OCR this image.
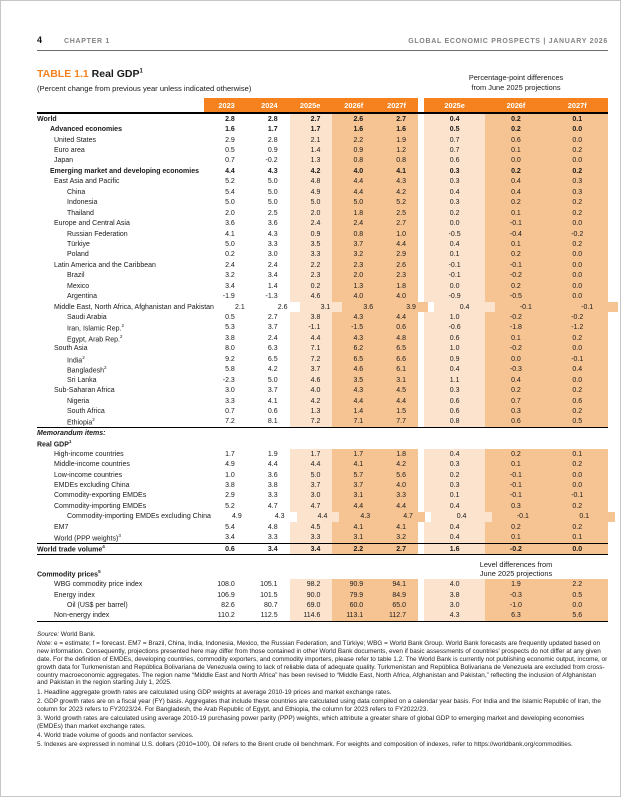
4	CHAPTER 1	GLOBAL ECONOMIC PROSPECTS | JANUARY 2026
TABLE 1.1 Real GDP$^1$
(Percent change from previous year unless indicated otherwise)
Percentage-point differences
from June 2025 projections
2023	2024	2025e	2026f	2027f	2025e	2026f	2027f
World	2.8	2.8	2.7	2.6	2.7	0.4	0.2	0.1
Advanced economies	1.6	1.7	1.7	1.6	1.6	0.5	0.2	0.0
United States	2.9	2.8	2.1	2.2	1.9	0.7	0.6	0.0
Euro area	0.5	0.9	1.4	0.9	1.2	0.7	0.1	0.2
Japan	0.7	-0.2	1.3	0.8	0.8	0.6	0.0	0.0
Emerging market and developing economies	4.4	4.3	4.2	4.0	4.1	0.3	0.2	0.2
East Asia and Pacific	5.2	5.0	4.8	4.4	4.3	0.3	0.4	0.3
China	5.4	5.0	4.9	4.4	4.2	0.4	0.4	0.3
Indonesia	5.0	5.0	5.0	5.0	5.2	0.3	0.2	0.2
Thailand	2.0	2.5	2.0	1.8	2.5	0.2	0.1	0.2
Europe and Central Asia	3.6	3.6	2.4	2.4	2.7	0.0	-0.1	0.0
Russian Federation	4.1	4.3	0.9	0.8	1.0	-0.5	-0.4	-0.2
Türkiye	5.0	3.3	3.5	3.7	4.4	0.4	0.1	0.2
Poland	0.2	3.0	3.3	3.2	2.9	0.1	0.2	0.0
Latin America and the Caribbean	2.4	2.4	2.2	2.3	2.6	-0.1	-0.1	0.0
Brazil	3.2	3.4	2.3	2.0	2.3	-0.1	-0.2	0.0
Mexico	3.4	1.4	0.2	1.3	1.8	0.0	0.2	0.0
Argentina	-1.9	-1.3	4.6	4.0	4.0	-0.9	-0.5	0.0
Middle East, North Africa, Afghanistan and Pakistan	2.1	2.6	3.1	3.6	3.9	0.4	-0.1	-0.1
Saudi Arabia	0.5	2.7	3.8	4.3	4.4	1.0	-0.2	-0.2
Iran, Islamic Rep.$^2$	5.3	3.7	-1.1	-1.5	0.6	-0.6	-1.8	-1.2
Egypt, Arab Rep.$^2$	3.8	2.4	4.4	4.3	4.8	0.6	0.1	0.2
South Asia	8.0	6.3	7.1	6.2	6.5	1.0	-0.2	0.0
India$^2$	9.2	6.5	7.2	6.5	6.6	0.9	0.0	-0.1
Bangladesh$^2$	5.8	4.2	3.7	4.6	6.1	0.4	-0.3	0.4
Sri Lanka	-2.3	5.0	4.6	3.5	3.1	1.1	0.4	0.0
Sub-Saharan Africa	3.0	3.7	4.0	4.3	4.5	0.3	0.2	0.2
Nigeria	3.3	4.1	4.2	4.4	4.4	0.6	0.7	0.6
South Africa	0.7	0.6	1.3	1.4	1.5	0.6	0.3	0.2
Ethiopia$^2$	7.2	8.1	7.2	7.1	7.7	0.8	0.6	0.5
Memorandum items:
Real GDP$^1$
High-income countries	1.7	1.9	1.7	1.7	1.8	0.4	0.2	0.1
Middle-income countries	4.9	4.4	4.4	4.1	4.2	0.3	0.1	0.2
Low-income countries	1.0	3.6	5.0	5.7	5.6	0.2	-0.1	0.0
EMDEs excluding China	3.8	3.8	3.7	3.7	4.0	0.3	-0.1	0.0
Commodity-exporting EMDEs	2.9	3.3	3.0	3.1	3.3	0.1	-0.1	-0.1
Commodity-importing EMDEs	5.2	4.7	4.7	4.4	4.4	0.4	0.3	0.2
Commodity-importing EMDEs excluding China	4.9	4.3	4.4	4.3	4.7	0.4	-0.1	0.1
EM7	5.4	4.8	4.5	4.1	4.1	0.4	0.2	0.2
World (PPP weights)$^3$	3.4	3.3	3.3	3.1	3.2	0.4	0.1	0.1
World trade volume$^4$	0.6	3.4	3.4	2.2	2.7	1.6	-0.2	0.0
Commodity prices$^5$
Level differences from
June 2025 projections
WBG commodity price index	108.0	105.1	98.2	90.9	94.1	4.0	1.9	2.2
Energy index	106.9	101.5	90.0	79.9	84.9	3.8	-0.3	0.5
Oil (US$ per barrel)	82.6	80.7	69.0	60.0	65.0	3.0	-1.0	0.0
Non-energy index	110.2	112.5	114.6	113.1	112.7	4.3	6.3	5.6

Source: World Bank.

Note: e = estimate; f = forecast. EM7 = Brazil, China, India, Indonesia, Mexico, the Russian Federation, and Türkiye; WBG = World Bank Group. World Bank forecasts are frequently updated based on new information. Consequently, projections presented here may differ from those contained in other World Bank documents, even if basic assessments of countries’ prospects do not differ at any given date. For the definition of EMDEs, developing countries, commodity exporters, and commodity importers, please refer to table 1.2. The World Bank is currently not publishing economic output, income, or growth data for Turkmenistan and República Bolivariana de Venezuela owing to lack of reliable data of adequate quality. Turkmenistan and República Bolivariana de Venezuela are excluded from cross-country macroeconomic aggregates. The region name “Middle East and North Africa” has been revised to “Middle East, North Africa, Afghanistan and Pakistan,” reflecting the inclusion of Afghanistan and Pakistan in the region starting July 1, 2025.

1. Headline aggregate growth rates are calculated using GDP weights at average 2010-19 prices and market exchange rates.

2. GDP growth rates are on a fiscal year (FY) basis. Aggregates that include these countries are calculated using data compiled on a calendar year basis. For India and the Islamic Republic of Iran, the column for 2023 refers to FY2023/24. For Bangladesh, the Arab Republic of Egypt, and Ethiopia, the column for 2023 refers to FY2022/23.

3. World growth rates are calculated using average 2010-19 purchasing power parity (PPP) weights, which attribute a greater share of global GDP to emerging market and developing economies (EMDEs) than market exchange rates.

4. World trade volume of goods and nonfactor services.

5. Indexes are expressed in nominal U.S. dollars (2010=100). Oil refers to the Brent crude oil benchmark. For weights and composition of indexes, refer to https://worldbank.org/commodities.
